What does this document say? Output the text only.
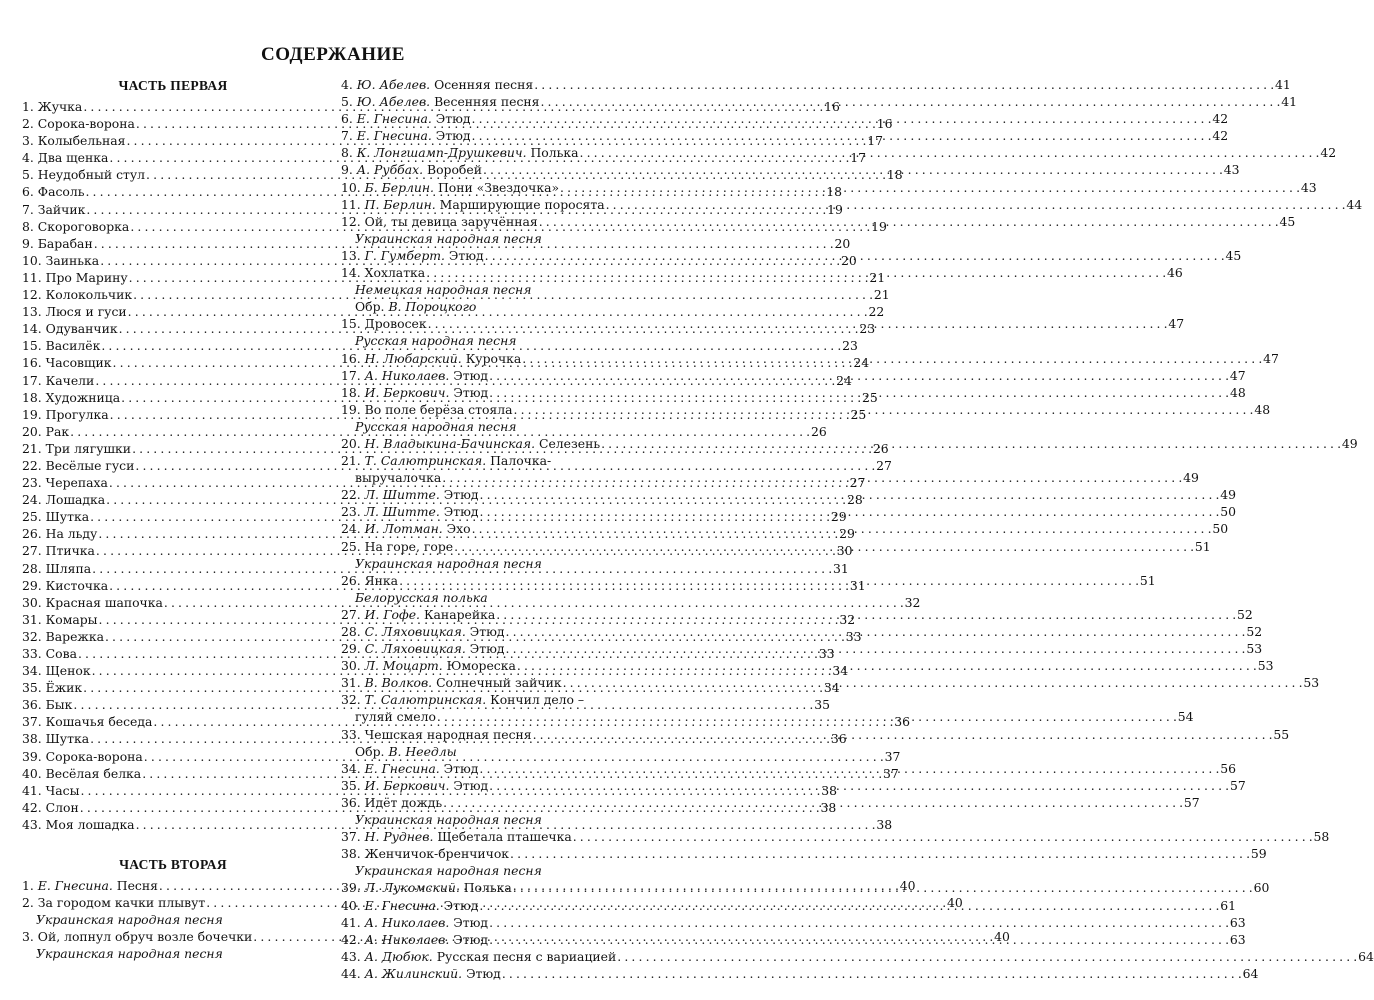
СОДЕРЖАНИЕ
ЧАСТЬ ПЕРВАЯ
1. Жучка . . .	16
2. Сорока-ворона . . .	16
3. Колыбельная . . .	17
4. Два щенка . . .	17
5. Неудобный стул . . .	18
6. Фасоль . . .	18
7. Зайчик . . .	19
8. Скороговорка . . .	19
9. Барабан . . .	20
10. Заинька . . .	20
11. Про Марину . . .	21
12. Колокольчик . . .	21
13. Люся и гуси . . .	22
14. Одуванчик . . .	23
15. Василёк . . .	23
16. Часовщик . . .	24
17. Качели . . .	24
18. Художница . . .	25
19. Прогулка . . .	25
20. Рак . . .	26
21. Три лягушки . . .	26
22. Весёлые гуси . . .	27
23. Черепаха . . .	27
24. Лошадка . . .	28
25. Шутка . . .	29
26. На льду . . .	29
27. Птичка . . .	30
28. Шляпа . . .	31
29. Кисточка . . .	31
30. Красная шапочка . . .	32
31. Комары . . .	32
32. Варежка . . .	33
33. Сова . . .	33
34. Щенок . . .	34
35. Ёжик . . .	34
36. Бык . . .	35
37. Кошачья беседа . . .	36
38. Шутка . . .	36
39. Сорока-ворона . . .	37
40. Весёлая белка . . .	37
41. Часы . . .	38
42. Слон . . .	38
43. Моя лошадка . . .	38
ЧАСТЬ ВТОРАЯ
1. Е. Гнесина. Песня . . .	40
2. За городом качки плывут . . .	40
Украинская народная песня
3. Ой, лопнул обруч возле бочечки . . .	40
Украинская народная песня
4. Ю. Абелев. Осенняя песня . . .	41
5. Ю. Абелев. Весенняя песня . . .	41
6. Е. Гнесина. Этюд . . .	42
7. Е. Гнесина. Этюд . . .	42
8. К. Лонгшамп-Друшкевич. Полька . . .	42
9. А. Руббах. Воробей . . .	43
10. Б. Берлин. Пони «Звездочка» . . .	43
11. П. Берлин. Марширующие поросята . . .	44
12. Ой, ты девица заручённая . . .	45
Украинская народная песня
13. Г. Гумберт. Этюд . . .	45
14. Хохлатка . . .	46
Немецкая народная песня
Обр. В. Пороцкого
15. Дровосек . . .	47
Русская народная песня
16. Н. Любарский. Курочка . . .	47
17. А. Николаев. Этюд . . .	47
18. И. Беркович. Этюд . . .	48
19. Во поле берёза стояла . . .	48
Русская народная песня
20. Н. Владыкина-Бачинская. Селезень . . .	49
21. Т. Салютринская. Палочка-
выручалочка . . .	49
22. Л. Шитте. Этюд . . .	49
23. Л. Шитте. Этюд . . .	50
24. И. Лотман. Эхо . . .	50
25. На горе, горе . . .	51
Украинская народная песня
26. Янка . . .	51
Белорусская полька
27. И. Гофе. Канарейка . . .	52
28. С. Ляховицкая. Этюд . . .	52
29. С. Ляховицкая. Этюд . . .	53
30. Л. Моцарт. Юмореска . . .	53
31. В. Волков. Солнечный зайчик . . .	53
32. Т. Салютринская. Кончил дело –
гуляй смело . . .	54
33. Чешская народная песня . . .	55
Обр. В. Неедлы
34. Е. Гнесина. Этюд . . .	56
35. И. Беркович. Этюд . . .	57
36. Идёт дождь . . .	57
Украинская народная песня
37. Н. Руднев. Щебетала пташечка . . .	58
38. Женчичок-бренчичок . . .	59
Украинская народная песня
39. Л. Лукомский. Полька . . .	60
40. Е. Гнесина. Этюд . . .	61
41. А. Николаев. Этюд . . .	63
42. А. Николаев. Этюд . . .	63
43. А. Дюбюк. Русская песня с вариацией . . .	64
44. А. Жилинский. Этюд . . .	64
